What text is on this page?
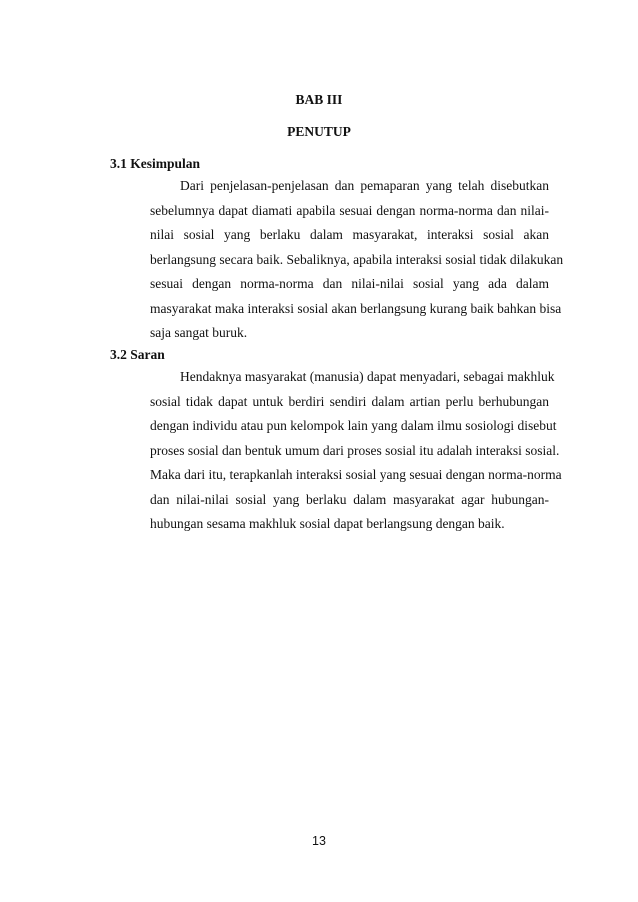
BAB III
PENUTUP
3.1 Kesimpulan
Dari penjelasan-penjelasan dan pemaparan yang telah disebutkan
sebelumnya dapat diamati apabila sesuai dengan norma-norma dan nilai-
nilai sosial yang berlaku dalam masyarakat, interaksi sosial akan
berlangsung secara baik. Sebaliknya, apabila interaksi sosial tidak dilakukan
sesuai dengan norma-norma dan nilai-nilai sosial yang ada dalam
masyarakat maka interaksi sosial akan berlangsung kurang baik bahkan bisa
saja sangat buruk.
3.2 Saran
Hendaknya masyarakat (manusia) dapat menyadari, sebagai makhluk
sosial tidak dapat untuk berdiri sendiri dalam artian perlu berhubungan
dengan individu atau pun kelompok lain yang dalam ilmu sosiologi disebut
proses sosial dan bentuk umum dari proses sosial itu adalah interaksi sosial.
Maka dari itu, terapkanlah interaksi sosial yang sesuai dengan norma-norma
dan nilai-nilai sosial yang berlaku dalam masyarakat agar hubungan-
hubungan sesama makhluk sosial dapat berlangsung dengan baik.
13
